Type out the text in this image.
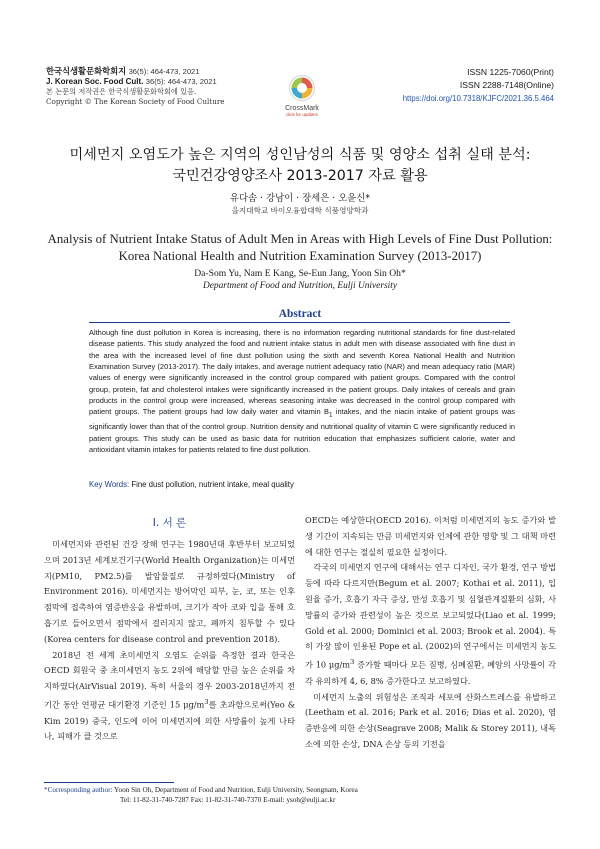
한국식생활문화학회지 36(5): 464-473, 2021
J. Korean Soc. Food Cult. 36(5): 464-473, 2021
본 논문의 저작권은 한국식생활문화학회에 있음.
Copyright © The Korean Society of Food Culture
CrossMark
click for updates
ISSN 1225-7060(Print)
ISSN 2288-7148(Online)
https://doi.org/10.7318/KJFC/2021.36.5.464
미세먼지 오염도가 높은 지역의 성인남성의 식품 및 영양소 섭취 실태 분석:
국민건강영양조사 2013-2017 자료 활용
유다솜 · 강남이 · 장세은 · 오윤신*
을지대학교 바이오융합대학 식품영양학과
Analysis of Nutrient Intake Status of Adult Men in Areas with High Levels of Fine Dust Pollution:
Korea National Health and Nutrition Examination Survey (2013-2017)
Da-Som Yu, Nam E Kang, Se-Eun Jang, Yoon Sin Oh*
Department of Food and Nutrition, Eulji University
Abstract

Although fine dust pollution in Korea is increasing, there is no information regarding nutritional standards for fine dust-related disease patients. This study analyzed the food and nutrient intake status in adult men with disease associated with fine dust in the area with the increased level of fine dust pollution using the sixth and seventh Korea National Health and Nutrition Examination Survey (2013-2017). The daily intakes, and average nutrient adequacy ratio (NAR) and mean adequacy ratio (MAR) values of energy were significantly increased in the control group compared with patient groups. Compared with the control group, protein, fat and cholesterol intakes were significantly increased in the patient groups. Daily intakes of cereals and grain products in the control group were increased, whereas seasoning intake was decreased in the control group compared with patient groups. The patient groups had low daily water and vitamin $B_1$ intakes, and the niacin intake of patient groups was significantly lower than that of the control group. Nutrition density and nutritional quality of vitamin C were significantly reduced in patient groups. This study can be used as basic data for nutrition education that emphasizes sufficient calorie, water and antioxidant vitamin intakes for patients related to fine dust pollution.

Key Words: Fine dust pollution, nutrient intake, meal quality
Ⅰ. 서 론

미세먼지와 관련된 건강 장해 연구는 1980년대 후반부터 보고되었으며 2013년 세계보건기구(World Health Organization)는 미세먼지(PM10, PM2.5)를 발암물질로 규정하였다(Ministry of Environment 2016). 미세먼지는 방어막인 피부, 눈, 코, 또는 인후 점막에 접촉하여 염증반응을 유발하며, 크기가 작아 코와 입을 통해 호흡기로 들어오면서 점막에서 걸러지지 않고, 폐까지 침투할 수 있다(Korea centers for disease control and prevention 2018).

2018년 전 세계 초미세먼지 오염도 순위를 측정한 결과 한국은 OECD 회원국 중 초미세먼지 농도 2위에 해당할 만큼 높은 순위를 차지하였다(AirVisual 2019). 특히 서울의 경우 2003-2018년까지 전 기간 동안 연평균 대기환경 기준인 15 $\mu g/m^3$를 초과함으로써(Yeo & Kim 2019) 중국, 인도에 이어 미세먼지에 의한 사망률이 높게 나타나, 피해가 클 것으로

OECD는 예상한다(OECD 2016). 이처럼 미세먼지의 농도 증가와 발생 기간이 지속되는 만큼 미세먼지와 인체에 관한 영향 및 그 대책 마련에 대한 연구는 절실히 필요한 실정이다.

각국의 미세먼지 연구에 대해서는 연구 디자인, 국가 환경, 연구 방법 등에 따라 다르지만(Begum et al. 2007; Kothai et al. 2011), 입원율 증가, 호흡기 자극 증상, 만성 호흡기 및 심혈관계질환의 심화, 사망률의 증가와 관련성이 높은 것으로 보고되었다(Liao et al. 1999; Gold et al. 2000; Dominici et al. 2003; Brook et al. 2004). 특히 가장 많이 인용된 Pope et al. (2002)의 연구에서는 미세먼지 농도가 10 $\mu g/m^3$ 증가할 때마다 모든 질병, 심폐질환, 폐암의 사망률이 각각 유의하게 4, 6, 8% 증가한다고 보고하였다.

미세먼지 노출의 위험성은 조직과 세포에 산화스트레스를 유발하고(Leetham et al. 2016; Park et al. 2016; Dias et al. 2020), 염증반응에 의한 손상(Seagrave 2008; Malik & Storey 2011), 내독소에 의한 손상, DNA 손상 등의 기전을

*Corresponding author: Yoon Sin Oh, Department of Food and Nutrition, Eulji University, Seongnam, Korea
Tel: 11-82-31-740-7287 Fax: 11-82-31-740-7370 E-mail: ysoh@eulji.ac.kr
